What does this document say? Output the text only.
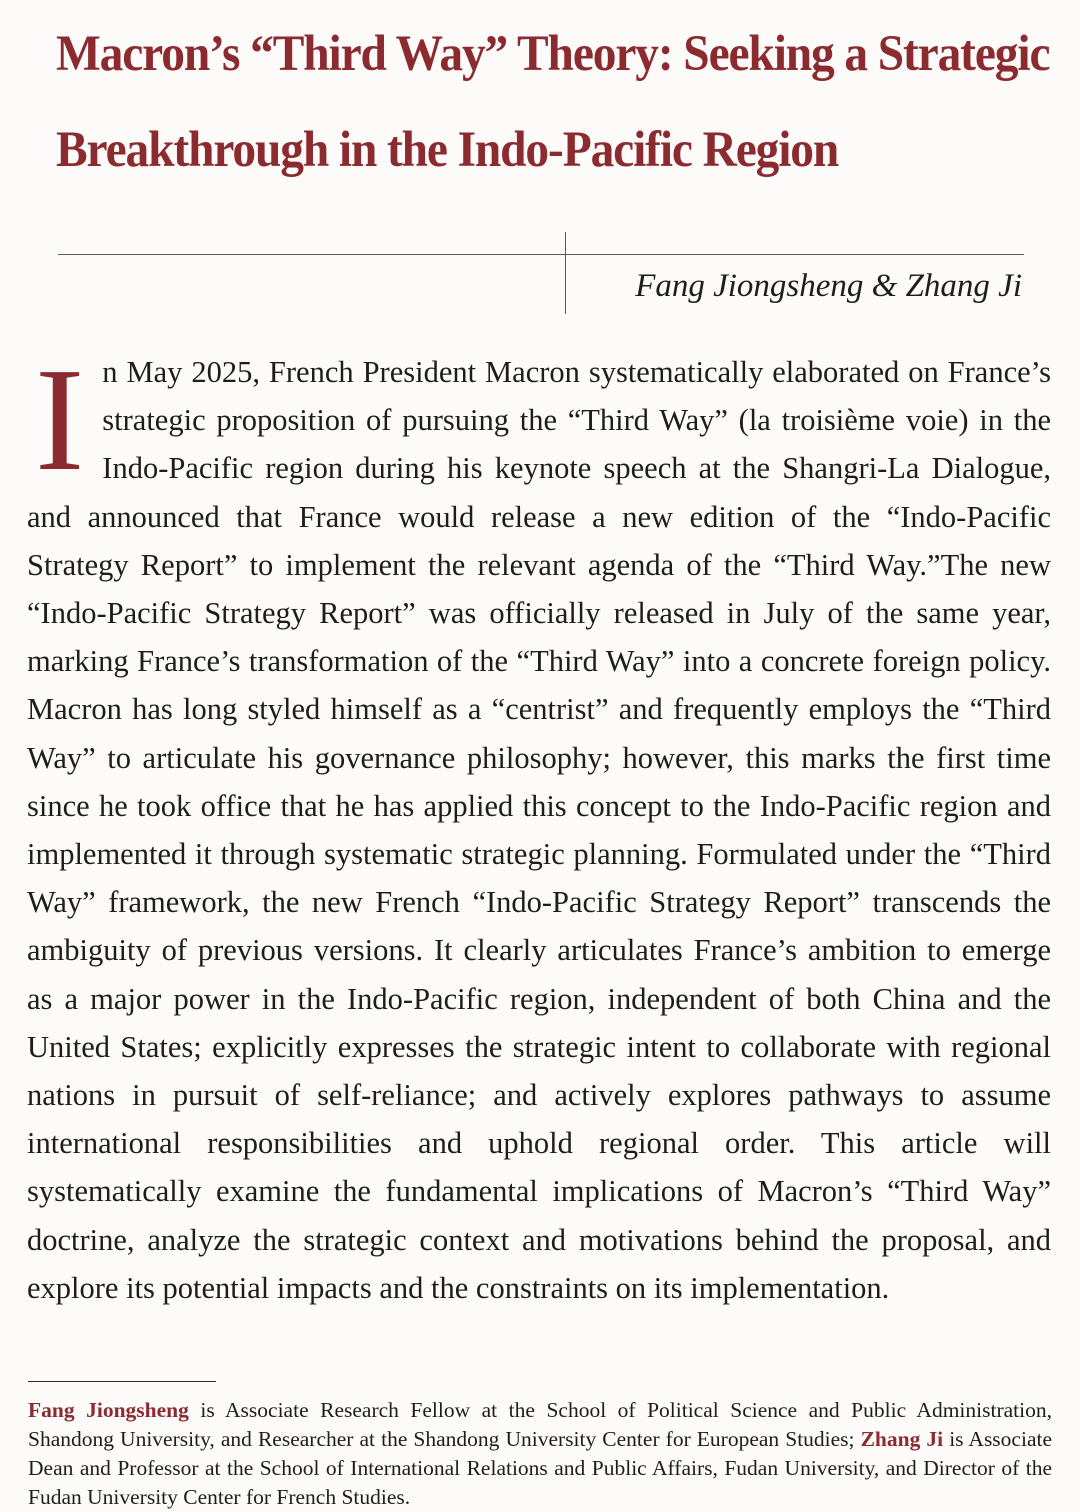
Macron’s “Third Way” Theory: Seeking a Strategic
Breakthrough in the Indo-Pacific Region
Fang Jiongsheng & Zhang Ji

In May 2025, French President Macron systematically elaborated on France’s strategic proposition of pursuing the “Third Way” (la troisième voie) in the Indo-Pacific region during his keynote speech at the Shangri-La Dialogue, and announced that France would release a new edition of the “Indo-Pacific Strategy Report” to implement the relevant agenda of the “Third Way.”The new “Indo-Pacific Strategy Report” was officially released in July of the same year, marking France’s transformation of the “Third Way” into a concrete foreign policy. Macron has long styled himself as a “centrist” and frequently employs the “Third Way” to articulate his governance philosophy; however, this marks the first time since he took office that he has applied this concept to the Indo-Pacific region and implemented it through systematic strategic planning. Formulated under the “Third Way” framework, the new French “Indo-Pacific Strategy Report” transcends the ambiguity of previous versions. It clearly articulates France’s ambition to emerge as a major power in the Indo-Pacific region, independent of both China and the United States; explicitly expresses the strategic intent to collaborate with regional nations in pursuit of self-reliance; and actively explores pathways to assume international responsibilities and uphold regional order. This article will systematically examine the fundamental implications of Macron’s “Third Way” doctrine, analyze the strategic context and motivations behind the proposal, and explore its potential impacts and the constraints on its implementation.

Fang Jiongsheng is Associate Research Fellow at the School of Political Science and Public Administration, Shandong University, and Researcher at the Shandong University Center for European Studies; Zhang Ji is Associate Dean and Professor at the School of International Relations and Public Affairs, Fudan University, and Director of the Fudan University Center for French Studies.
